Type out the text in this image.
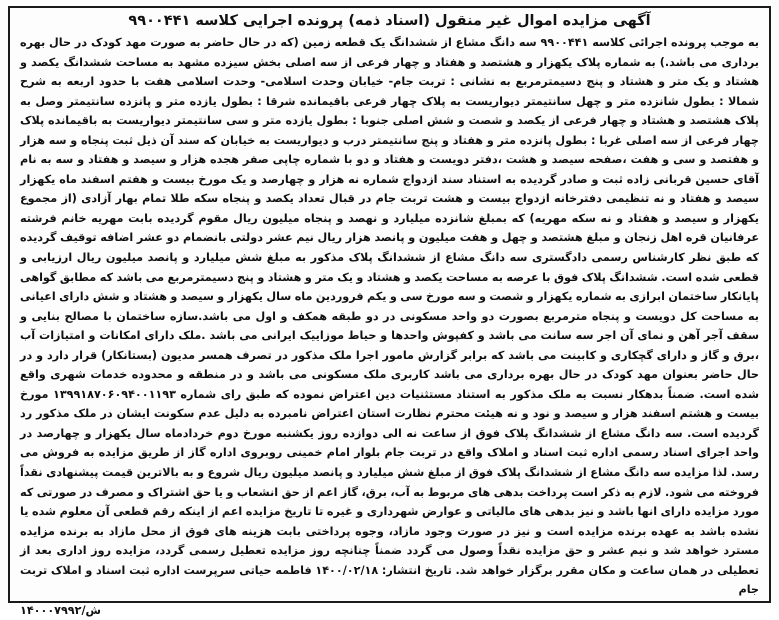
آگهی مزایده اموال غیر منقول (اسناد ذمه) پرونده اجرایی کلاسه ۹۹۰۰۴۴۱

به موجب پرونده اجرائی کلاسه ۹۹۰۰۴۴۱ سه دانگ مشاع از ششدانگ یک قطعه زمین (که در حال حاضر به صورت مهد کودک در حال بهره برداری می باشد.) به شماره پلاک یکهزار و هشتصد و هفتاد و چهار فرعی از سه اصلی بخش سیزده مشهد به مساحت ششدانگ یکصد و هشتاد و یک متر و هشتاد و پنج دسیمترمربع به نشانی : تربت جام- خیابان وحدت اسلامی- وحدت اسلامی هفت با حدود اربعه به شرح شمالا : بطول شانزده متر و چهل سانتیمتر دیواریست به پلاک چهار فرعی باقیمانده شرقا : بطول یازده متر و پانزده سانتیمتر وصل به پلاک هشتصد و هشتاد و چهار فرعی از یکصد و شصت و شش اصلی جنوبا : بطول یازده متر و سی سانتیمتر دیواریست به باقیمانده پلاک چهار فرعی از سه اصلی غربا : بطول پانزده متر و هفتاد و پنج سانتیمتر درب و دیواریست به خیابان که سند آن ذیل ثبت پنجاه و سه هزار و هفتصد و سی و هفت ،صفحه سیصد و هشت ،دفتر دویست و هفتاد و دو با شماره چاپی صفر هجده هزار و سیصد و هفتاد و سه به نام آقای حسین قربانی زاده ثبت و صادر گردیده به استناد سند ازدواج شماره نه هزار و چهارصد و یک مورخ بیست و هفتم اسفند ماه یکهزار سیصد و هفتاد و نه تنظیمی دفترخانه ازدواج بیست و هشت تربت جام در قبال تعداد یکصد و پنجاه سکه طلا تمام بهار آزادی (از مجموع یکهزار و سیصد و هفتاد و نه سکه مهریه) که بمبلغ شانزده میلیارد و نهصد و پنجاه میلیون ریال مقوم گردیده بابت مهریه خانم فرشته عرفانیان قره اهل زنجان و مبلغ هشتصد و چهل و هفت میلیون و پانصد هزار ریال نیم عشر دولتی بانضمام دو عشر اضافه توقیف گردیده که طبق نظر کارشناس رسمی دادگستری سه دانگ مشاع از ششدانگ پلاک مذکور به مبلغ شش میلیارد و پانصد میلیون ریال ارزیابی و قطعی شده است. ششدانگ پلاک فوق با عرصه به مساحت یکصد و هشتاد و یک متر و هشتاد و پنج دسیمترمربع می باشد که مطابق گواهی پایانکار ساختمان ابرازی به شماره یکهزار و شصت و سه مورخ سی و یکم فروردین ماه سال یکهزار و سیصد و هشتاد و شش دارای اعیانی به مساحت کل دویست و پنجاه مترمربع بصورت دو واحد مسکونی در دو طبقه همکف و اول می باشد.سازه ساختمان با مصالح بنایی و سقف آجر آهن و نمای آن اجر سه سانت می باشد و کفپوش واحدها و حیاط موزاییک ایرانی می باشد .ملک دارای امکانات و امتیازات آب ،برق و گاز و دارای گچکاری و کابینت می باشد که برابر گزارش مامور اجرا ملک مذکور در تصرف همسر مدیون (بستانکار) قرار دارد و در حال حاضر بعنوان مهد کودک در حال بهره برداری می باشد کاربری ملک مسکونی می باشد و در منطقه و محدوده خدمات شهری واقع شده است. ضمناً بدهکار نسبت به ملک مذکور به استناد مستثنیات دین اعتراض نموده که طبق رای شماره ۱۳۹۹۱۸۷۰۶۰۹۴۰۰۱۱۹۳ مورخ بیست و هشتم اسفند هزار و سیصد و نود و نه هیئت محترم نظارت استان اعتراض نامبرده به دلیل عدم سکونت ایشان در ملک مذکور رد گردیده است. سه دانگ مشاع از ششدانگ پلاک فوق از ساعت نه الی دوازده روز یکشنبه مورخ دوم خردادماه سال یکهزار و چهارصد در واحد اجرای اسناد رسمی اداره ثبت اسناد و املاک واقع در تربت جام بلوار امام خمینی روبروی اداره گاز از طریق مزایده به فروش می رسد. لذا مزایده سه دانگ مشاع از ششدانگ پلاک فوق از مبلغ شش میلیارد و پانصد میلیون ریال شروع و به بالاترین قیمت پیشنهادی نقداً فروخته می شود. لازم به ذکر است پرداخت بدهی های مربوط به آب، برق، گاز اعم از حق انشعاب و یا حق اشتراک و مصرف در صورتی که مورد مزایده دارای انها باشد و نیز بدهی های مالیاتی و عوارض شهرداری و غیره تا تاریخ مزایده اعم از اینکه رقم قطعی آن معلوم شده یا نشده باشد به عهده برنده مزایده است و نیز در صورت وجود مازاد، وجوه پرداختی بابت هزینه های فوق از محل مازاد به برنده مزایده مسترد خواهد شد و نیم عشر و حق مزایده نقداً وصول می گردد ضمناً چنانچه روز مزایده تعطیل رسمی گردد، مزایده روز اداری بعد از تعطیلی در همان ساعت و مکان مقرر برگزار خواهد شد. تاریخ انتشار: ۱۴۰۰/۰۲/۱۸ فاطمه حیاتی سرپرست اداره ثبت اسناد و املاک تربت جام

۱۴۰۰۰۷۹۹۲/ش
